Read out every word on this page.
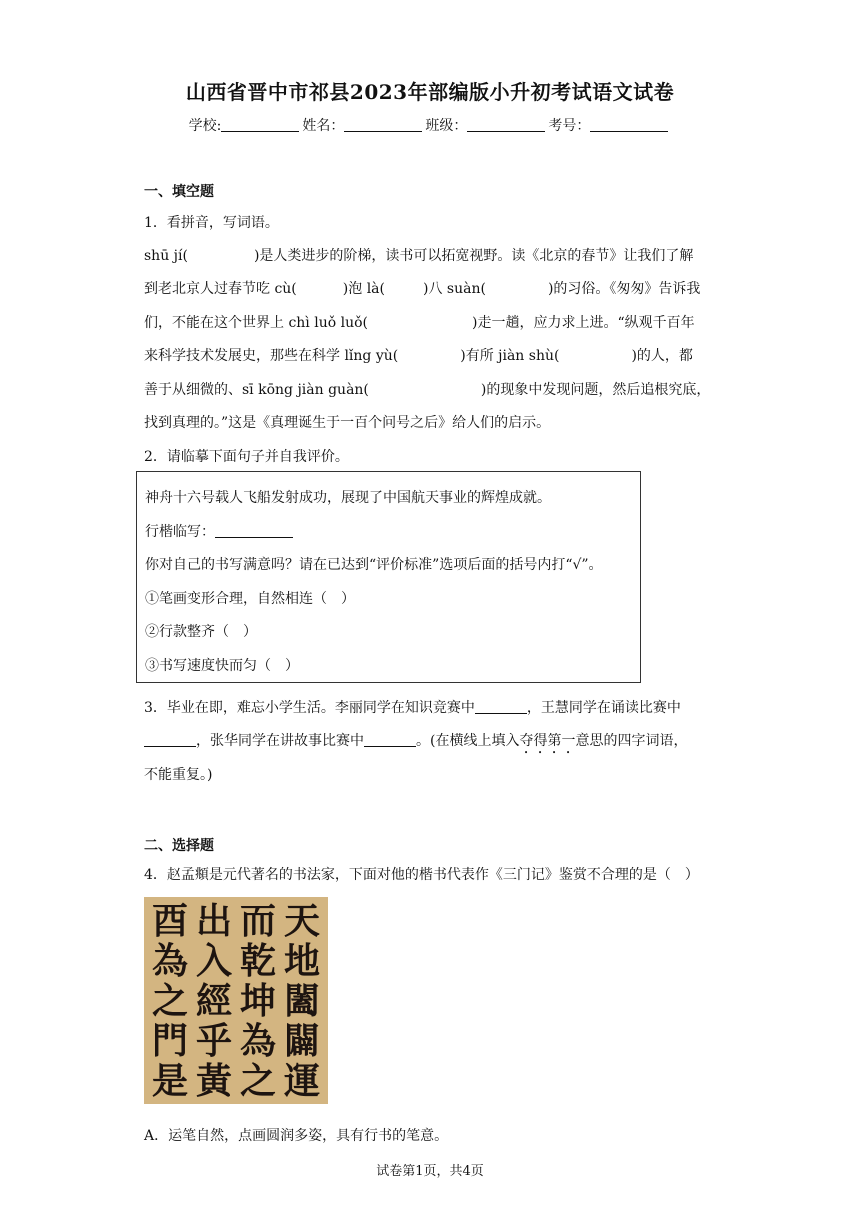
山西省晋中市祁县2023年部编版小升初考试语文试卷
学校:	姓名：	班级：	考号：
一、填空题
1．看拼音，写词语。
shū jí(	)是人类进步的阶梯，读书可以拓宽视野。读《北京的春节》让我们了解
到老北京人过春节吃 cù(	)泡 là(	)八 suàn(	)的习俗。《匆匆》告诉我
们，不能在这个世界上 chì luǒ luǒ(	)走一趟，应力求上进。“纵观千百年
来科学技术发展史，那些在科学 lǐng yù(	)有所 jiàn shù(	)的人，都
善于从细微的、sī kōng jiàn guàn(	)的现象中发现问题，然后追根究底，
找到真理的。”这是《真理诞生于一百个问号之后》给人们的启示。
2．请临摹下面句子并自我评价。
神舟十六号载人飞船发射成功，展现了中国航天事业的辉煌成就。
行楷临写：
你对自己的书写满意吗？请在已达到“评价标准”选项后面的括号内打“√”。
①笔画变形合理，自然相连（　）
②行款整齐（　）
③书写速度快而匀（　）
3．毕业在即，难忘小学生活。李丽同学在知识竞赛中	，王慧同学在诵读比赛中
，张华同学在讲故事比赛中	。(在横线上填入夺得第一意思的四字词语，
不能重复。)
二、选择题
4．赵孟頫是元代著名的书法家，下面对他的楷书代表作《三门记》鉴赏不合理的是（　）
天
地
闔
闢
運
而
乾
坤
為
之
出
入
經
乎
黃
酉
為
之
門
是
A．运笔自然，点画圆润多姿，具有行书的笔意。
试卷第1页，共4页
